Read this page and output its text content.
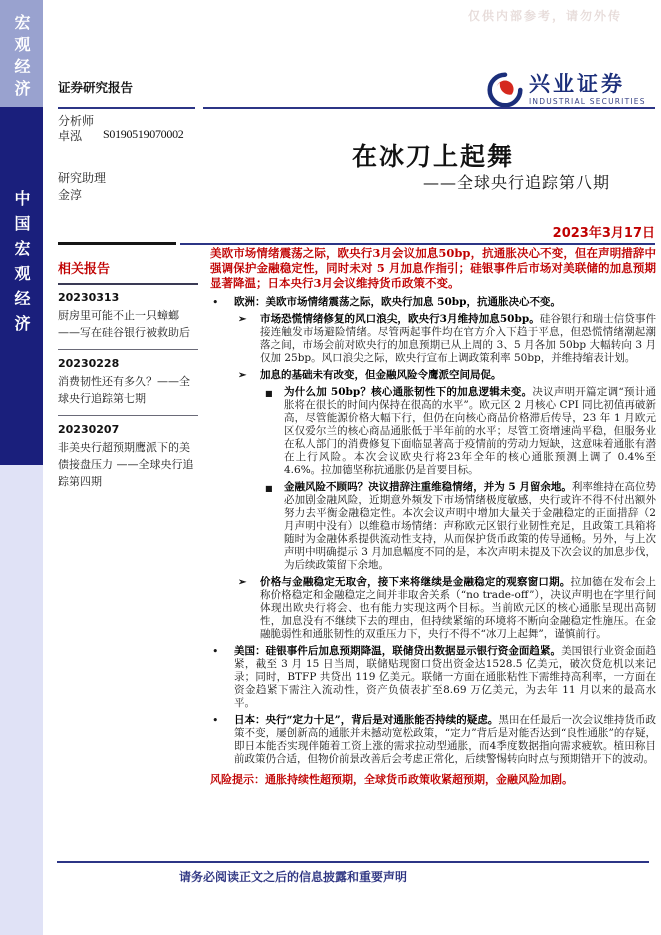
宏观经济
中国宏观经济
仅供内部参考，请勿外传
证券研究报告	兴业证券
INDUSTRIAL SECURITIES
分析师
卓泓 S0190519070002
研究助理
金淳
在冰刀上起舞
——全球央行追踪第八期
2023年3月17日
相关报告
20230313
厨房里可能不止一只蟑螂——写在硅谷银行被救助后
20230228
消费韧性还有多久？——全球央行追踪第七期
20230207
非美央行超预期鹰派下的美债接盘压力 ——全球央行追踪第四期

美欧市场情绪震荡之际，欧央行3月会议加息50bp，抗通胀决心不变，但在声明措辞中强调保护金融稳定性，同时未对 5 月加息作指引；硅银事件后市场对美联储的加息预期显著降温；日本央行3月会议维持货币政策不变。

• 欧洲：美欧市场情绪震荡之际，欧央行加息 50bp，抗通胀决心不变。

➢ 市场恐慌情绪修复的风口浪尖，欧央行3月维持加息50bp。硅谷银行和瑞士信贷事件接连触发市场避险情绪。尽管两起事件均在官方介入下趋于平息，但恐慌情绪潮起潮落之间，市场会前对欧央行的加息预期已从上周的 3、5 月各加 50bp 大幅转向 3 月仅加 25bp。风口浪尖之际，欧央行宣布上调政策利率 50bp，并维持缩表计划。

➢ 加息的基础未有改变，但金融风险令鹰派空间局促。

■ 为什么加 50bp？核心通胀韧性下的加息逻辑未变。决议声明开篇定调“预计通胀将在很长的时间内保持在很高的水平”。欧元区 2 月核心 CPI 同比初值再破新高，尽管能源价格大幅下行，但仍在向核心商品价格滞后传导，23 年 1 月欧元区仅爱尔兰的核心商品通胀低于半年前的水平；尽管工资增速尚平稳，但服务业在私人部门的消费修复下面临显著高于疫情前的劳动力短缺，这意味着通胀有潜在上行风险。本次会议欧央行将23年全年的核心通胀预测上调了 0.4%至 4.6%。拉加德坚称抗通胀仍是首要目标。

■ 金融风险不顾吗？决议措辞注重维稳情绪，并为 5 月留余地。利率维持在高位势必加剧金融风险，近期意外频发下市场情绪极度敏感，央行或许不得不付出额外努力去平衡金融稳定性。本次会议声明中增加大量关于金融稳定的正面措辞（2 月声明中没有）以维稳市场情绪：声称欧元区银行业韧性充足，且政策工具箱将随时为金融体系提供流动性支持，从而保护货币政策的传导通畅。另外，与上次声明中明确提示 3 月加息幅度不同的是，本次声明未提及下次会议的加息步伐，为后续政策留下余地。

➢ 价格与金融稳定无取舍，接下来将继续是金融稳定的观察窗口期。拉加德在发布会上称价格稳定和金融稳定之间并非取舍关系（“no trade-off”），决议声明也在字里行间体现出欧央行将会、也有能力实现这两个目标。当前欧元区的核心通胀呈现出高韧性，加息没有不继续下去的理由，但持续紧缩的环境将不断向金融稳定性施压。在金融脆弱性和通胀韧性的双重压力下，央行不得不“冰刀上起舞”，谨慎前行。

• 美国：硅银事件后加息预期降温，联储贷出数据显示银行资金面趋紧。美国银行业资金面趋紧，截至 3 月 15 日当周，联储贴现窗口贷出资金达1528.5 亿美元，破次贷危机以来记录；同时，BTFP 共贷出 119 亿美元。联储一方面在通胀粘性下需维持高利率，一方面在资金趋紧下需注入流动性，资产负债表扩至8.69 万亿美元，为去年 11 月以来的最高水平。

• 日本：央行“定力十足”，背后是对通胀能否持续的疑虑。黑田在任最后一次会议维持货币政策不变，屡创新高的通胀并未撼动宽松政策，“定力”背后是对能否达到“良性通胀”的存疑，即日本能否实现伴随着工资上涨的需求拉动型通胀，而4季度数据指向需求疲软。植田称目前政策仍合适，但物价前景改善后会考虑正常化，后续警惕转向时点与预期错开下的波动。

风险提示：通胀持续性超预期，全球货币政策收紧超预期，金融风险加剧。

请务必阅读正文之后的信息披露和重要声明
